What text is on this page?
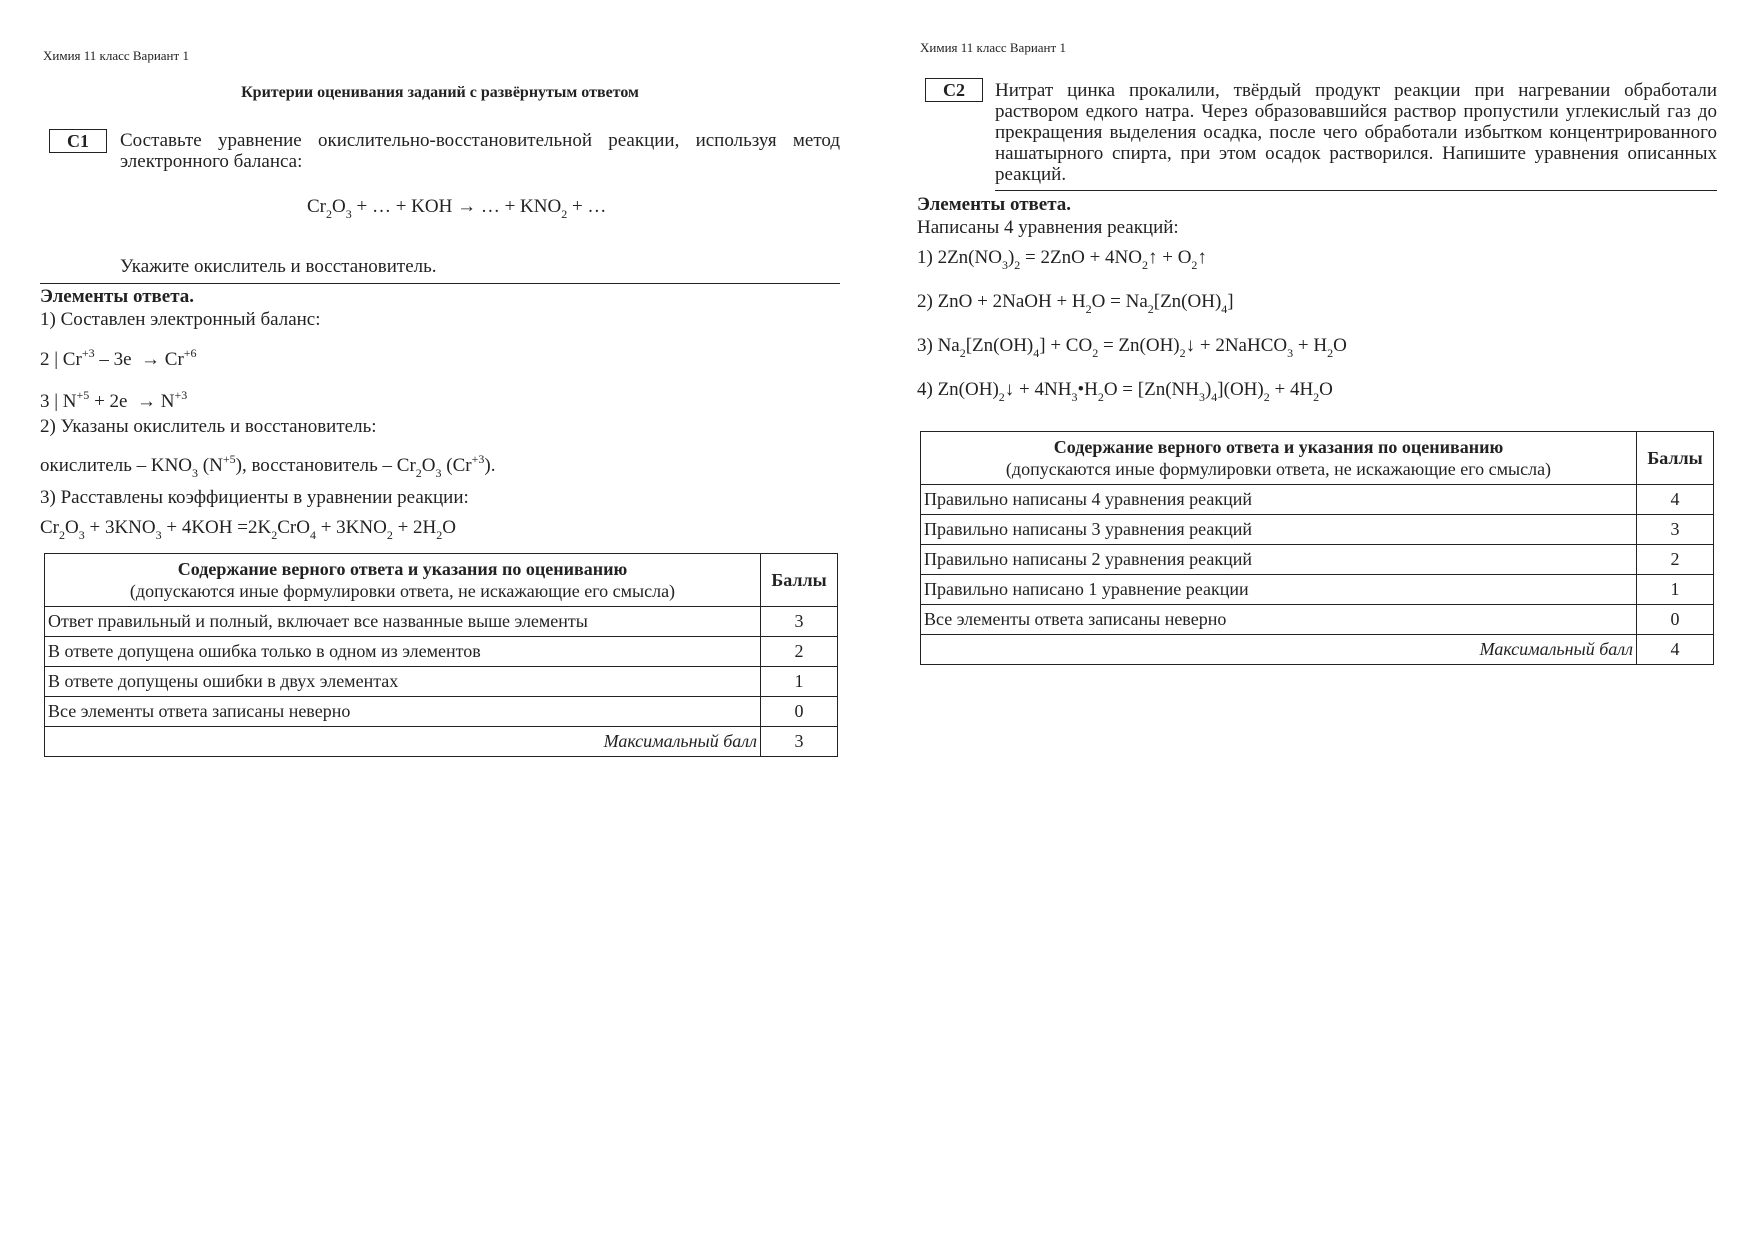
Химия 11 класс Вариант 1
Критерии оценивания заданий с развёрнутым ответом
C1	Составьте уравнение окислительно-восстановительной реакции, используя метод электронного баланса:
$Cr_2O_3$ + … + KOH → … + $KNO_2$ + …
Укажите окислитель и восстановитель.
Элементы ответа.
1) Составлен электронный баланс:
2 | $Cr^{+3} - 3e \to Cr^{+6}$
3 | $N^{+5} + 2e \to N^{+3}$
2) Указаны окислитель и восстановитель:
окислитель – $KNO_3$ $(N^{+5})$, восстановитель – $Cr_2O_3$ $(Cr^{+3})$.
3) Расставлены коэффициенты в уравнении реакции:
$Cr_2O_3 + 3KNO_3 + 4KOH =2K_2CrO_4 + 3KNO_2 + 2H_2O$
Содержание верного ответа и указания по оцениванию
(допускаются иные формулировки ответа, не искажающие его смысла)	Баллы
Ответ правильный и полный, включает все названные выше элементы	3
В ответе допущена ошибка только в одном из элементов	2
В ответе допущены ошибки в двух элементах	1
Все элементы ответа записаны неверно	0
Максимальный балл	3
Химия 11 класс Вариант 1
C2	Нитрат цинка прокалили, твёрдый продукт реакции при нагревании обработали раствором едкого натра. Через образовавшийся раствор пропустили углекислый газ до прекращения выделения осадка, после чего обработали избытком концентрированного нашатырного спирта, при этом осадок растворился. Напишите уравнения описанных реакций.
Элементы ответа.
Написаны 4 уравнения реакций:
1) $2Zn(NO_3)_2 = 2ZnO$ + $4NO_2↑$ + $O_2↑$
2) ZnO + 2NaOH + $H_2O = Na_2[Zn(OH)_4]$
3) $Na_2[Zn(OH)_4] + CO_2$ = $Zn(OH)_2↓$ + 2NaHCO$_3$ + $H_2O$
4) $Zn(OH)_2↓$ + $4NH_3•H_2O = [Zn(NH_3)_4](OH)_2 + 4H_2O$
Содержание верного ответа и указания по оцениванию
(допускаются иные формулировки ответа, не искажающие его смысла)	Баллы
Правильно написаны 4 уравнения реакций	4
Правильно написаны 3 уравнения реакций	3
Правильно написаны 2 уравнения реакций	2
Правильно написано 1 уравнение реакции	1
Все элементы ответа записаны неверно	0
Максимальный балл	4
